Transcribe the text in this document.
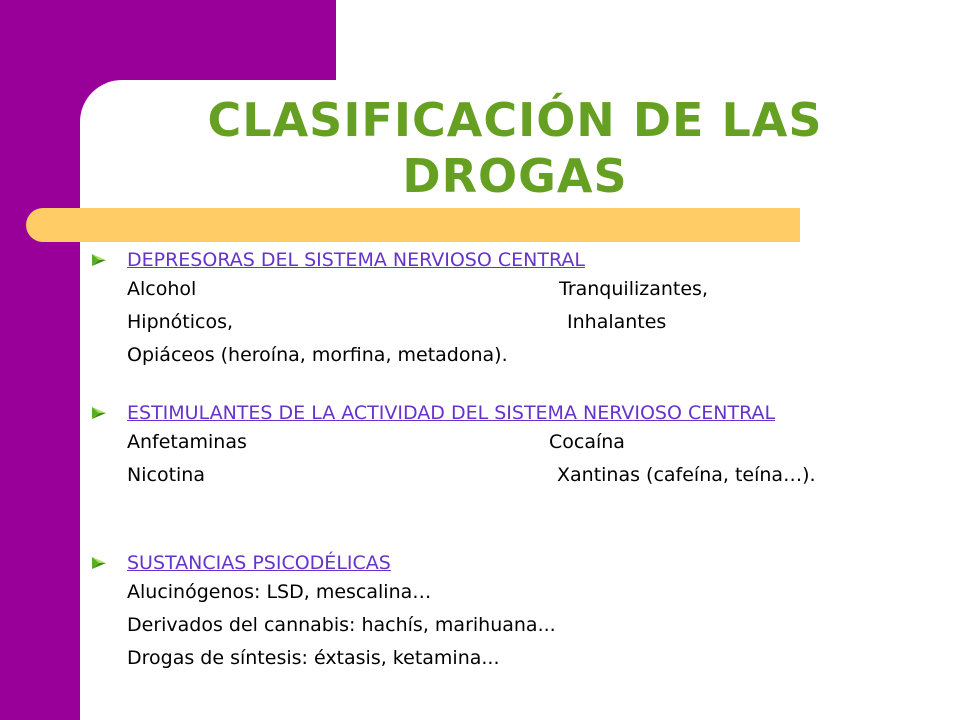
CLASIFICACIÓN DE LAS DROGAS
DEPRESORAS DEL SISTEMA NERVIOSO CENTRAL
Alcohol	Tranquilizantes,
Hipnóticos,	Inhalantes
Opiáceos (heroína, morfina, metadona).
ESTIMULANTES DE LA ACTIVIDAD DEL SISTEMA NERVIOSO CENTRAL
Anfetaminas	Cocaína
Nicotina	Xantinas (cafeína, teína…).
SUSTANCIAS PSICODÉLICAS
Alucinógenos: LSD, mescalina…
Derivados del cannabis: hachís, marihuana...
Drogas de síntesis: éxtasis, ketamina...
